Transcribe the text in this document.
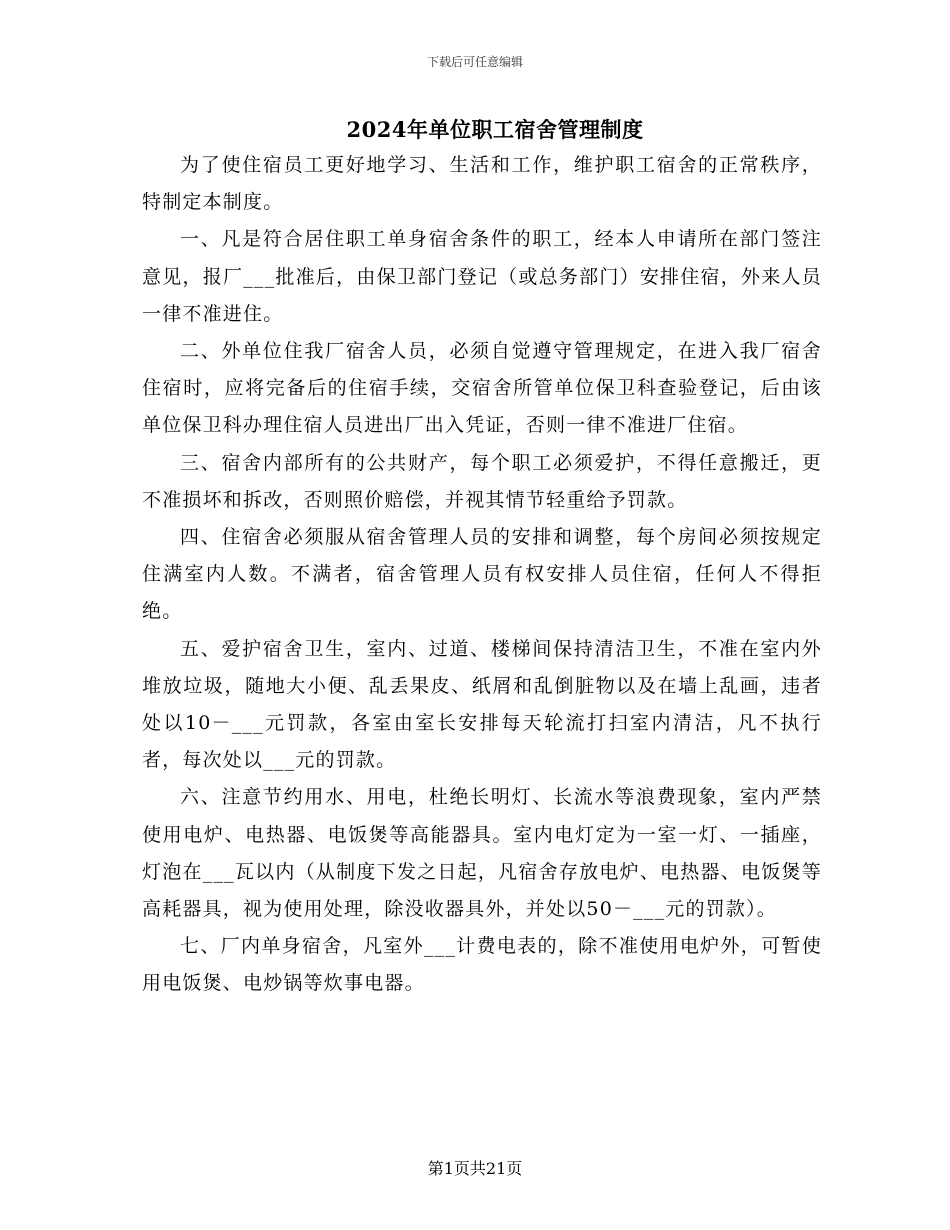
下载后可任意编辑
2024年单位职工宿舍管理制度

为了使住宿员工更好地学习、生活和工作，维护职工宿舍的正常秩序，特制定本制度。

一、凡是符合居住职工单身宿舍条件的职工，经本人申请所在部门签注意见，报厂___批准后，由保卫部门登记（或总务部门）安排住宿，外来人员一律不准进住。

二、外单位住我厂宿舍人员，必须自觉遵守管理规定，在进入我厂宿舍住宿时，应将完备后的住宿手续，交宿舍所管单位保卫科查验登记，后由该单位保卫科办理住宿人员进出厂出入凭证，否则一律不准进厂住宿。

三、宿舍内部所有的公共财产，每个职工必须爱护，不得任意搬迁，更不准损坏和拆改，否则照价赔偿，并视其情节轻重给予罚款。

四、住宿舍必须服从宿舍管理人员的安排和调整，每个房间必须按规定住满室内人数。不满者，宿舍管理人员有权安排人员住宿，任何人不得拒绝。

五、爱护宿舍卫生，室内、过道、楼梯间保持清洁卫生，不准在室内外堆放垃圾，随地大小便、乱丢果皮、纸屑和乱倒脏物以及在墙上乱画，违者处以10－___元罚款，各室由室长安排每天轮流打扫室内清洁，凡不执行者，每次处以___元的罚款。

六、注意节约用水、用电，杜绝长明灯、长流水等浪费现象，室内严禁使用电炉、电热器、电饭煲等高能器具。室内电灯定为一室一灯、一插座，灯泡在___瓦以内（从制度下发之日起，凡宿舍存放电炉、电热器、电饭煲等高耗器具，视为使用处理，除没收器具外，并处以50－___元的罚款）。

七、厂内单身宿舍，凡室外___计费电表的，除不准使用电炉外，可暂使用电饭煲、电炒锅等炊事电器。

第1页共21页
